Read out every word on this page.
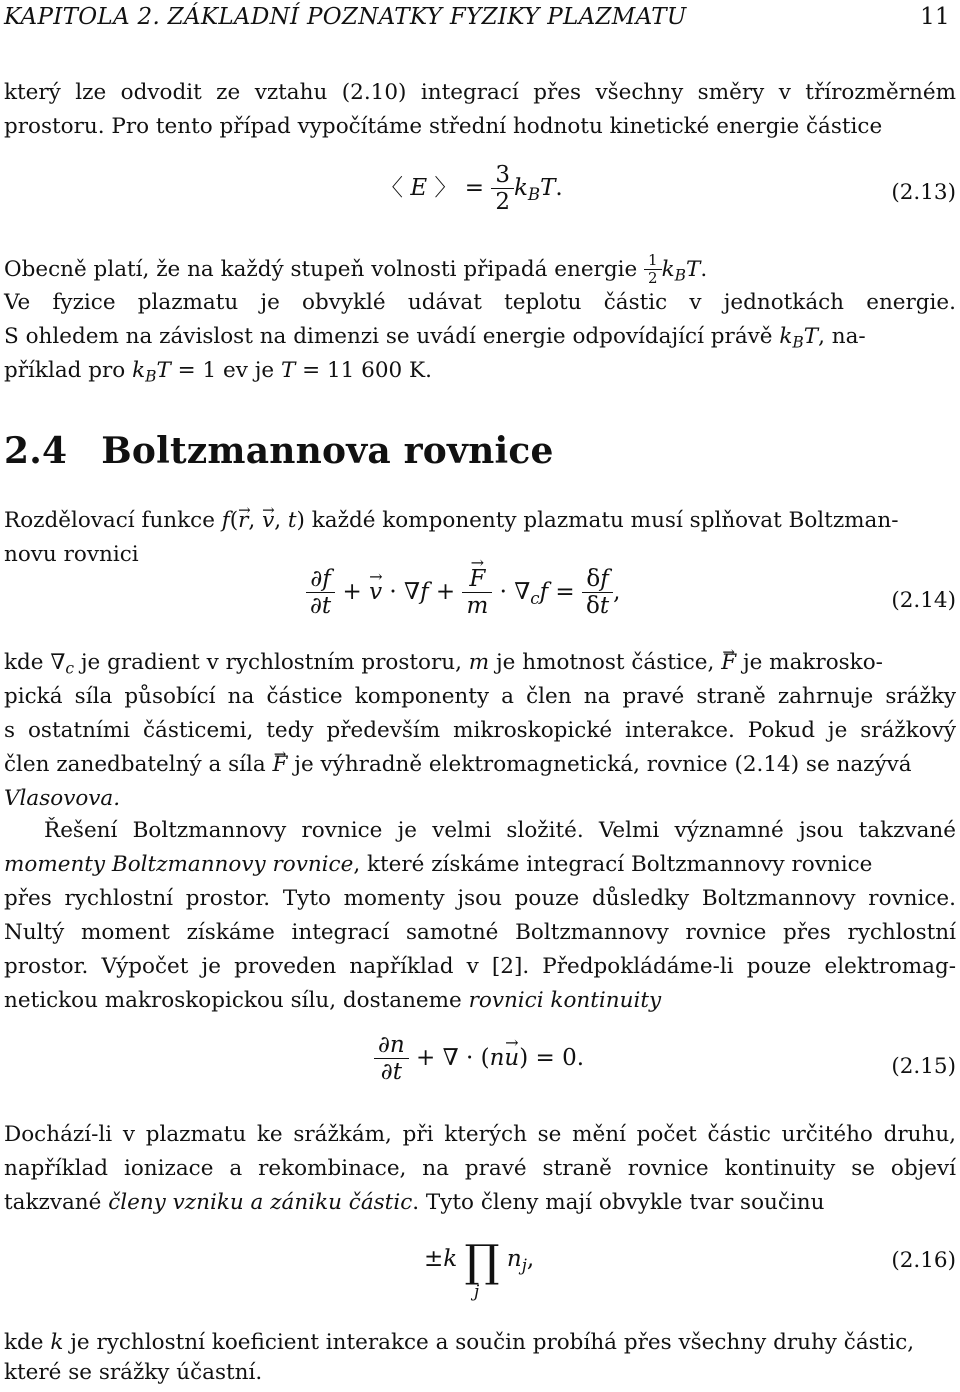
KAPITOLA 2. ZÁKLADNÍ POZNATKY FYZIKY PLAZMATU	11
který lze odvodit ze vztahu (2.10) integrací přes všechny směry v třírozměrném
prostoru. Pro tento případ vypočítáme střední hodnotu kinetické energie částice
〈 E 〉 = $\frac{3}{2} k_BT$.	(2.13)
Obecně platí, že na každý stupeň volnosti připadá energie $\frac{1}{2} k_BT$.
Ve fyzice plazmatu je obvyklé udávat teplotu částic v jednotkách energie.
S ohledem na závislost na dimenzi se uvádí energie odpovídající právě $k_BT$, na-
příklad pro $k_BT = 1$ ev je T = 11 600 K.
2.4 Boltzmannova rovnice
Rozdělovací funkce f(→ r, → v, t) každé komponenty plazmatu musí splňovat Boltzman-
novu rovnici
$\frac{\partial f}{\partial t}$ + → v · ∇f +
→ $\frac{F}{m} \cdot \nabla_cf = \frac{\delta f}{\delta t}$ ,	(2.14)
kde $\nabla_c$ je gradient v rychlostním prostoru, m je hmotnost částice, → F je makrosko-
pická síla působící na částice komponenty a člen na pravé straně zahrnuje srážky
s ostatními částicemi, tedy především mikroskopické interakce. Pokud je srážkový
člen zanedbatelný a síla → F je výhradně elektromagnetická, rovnice (2.14) se nazývá
Vlasovova.
Řešení Boltzmannovy rovnice je velmi složité. Velmi významné jsou takzvané
momenty Boltzmannovy rovnice, které získáme integrací Boltzmannovy rovnice
přes rychlostní prostor. Tyto momenty jsou pouze důsledky Boltzmannovy rovnice.
Nultý moment získáme integrací samotné Boltzmannovy rovnice přes rychlostní
prostor. Výpočet je proveden například v [2]. Předpokládáme-li pouze elektromag-
netickou makroskopickou sílu, dostaneme rovnici kontinuity
$\frac{\partial n}{\partial t}$ + ∇ · (n→ u) = 0.	(2.15)
Dochází-li v plazmatu ke srážkám, při kterých se mění počet částic určitého druhu,
například ionizace a rekombinace, na pravé straně rovnice kontinuity se objeví
takzvané členy vzniku a zániku částic. Tyto členy mají obvykle tvar součinu
±k ∏ $n_j$,
j
(2.16)
kde k je rychlostní koeficient interakce a součin probíhá přes všechny druhy částic,
které se srážky účastní.
